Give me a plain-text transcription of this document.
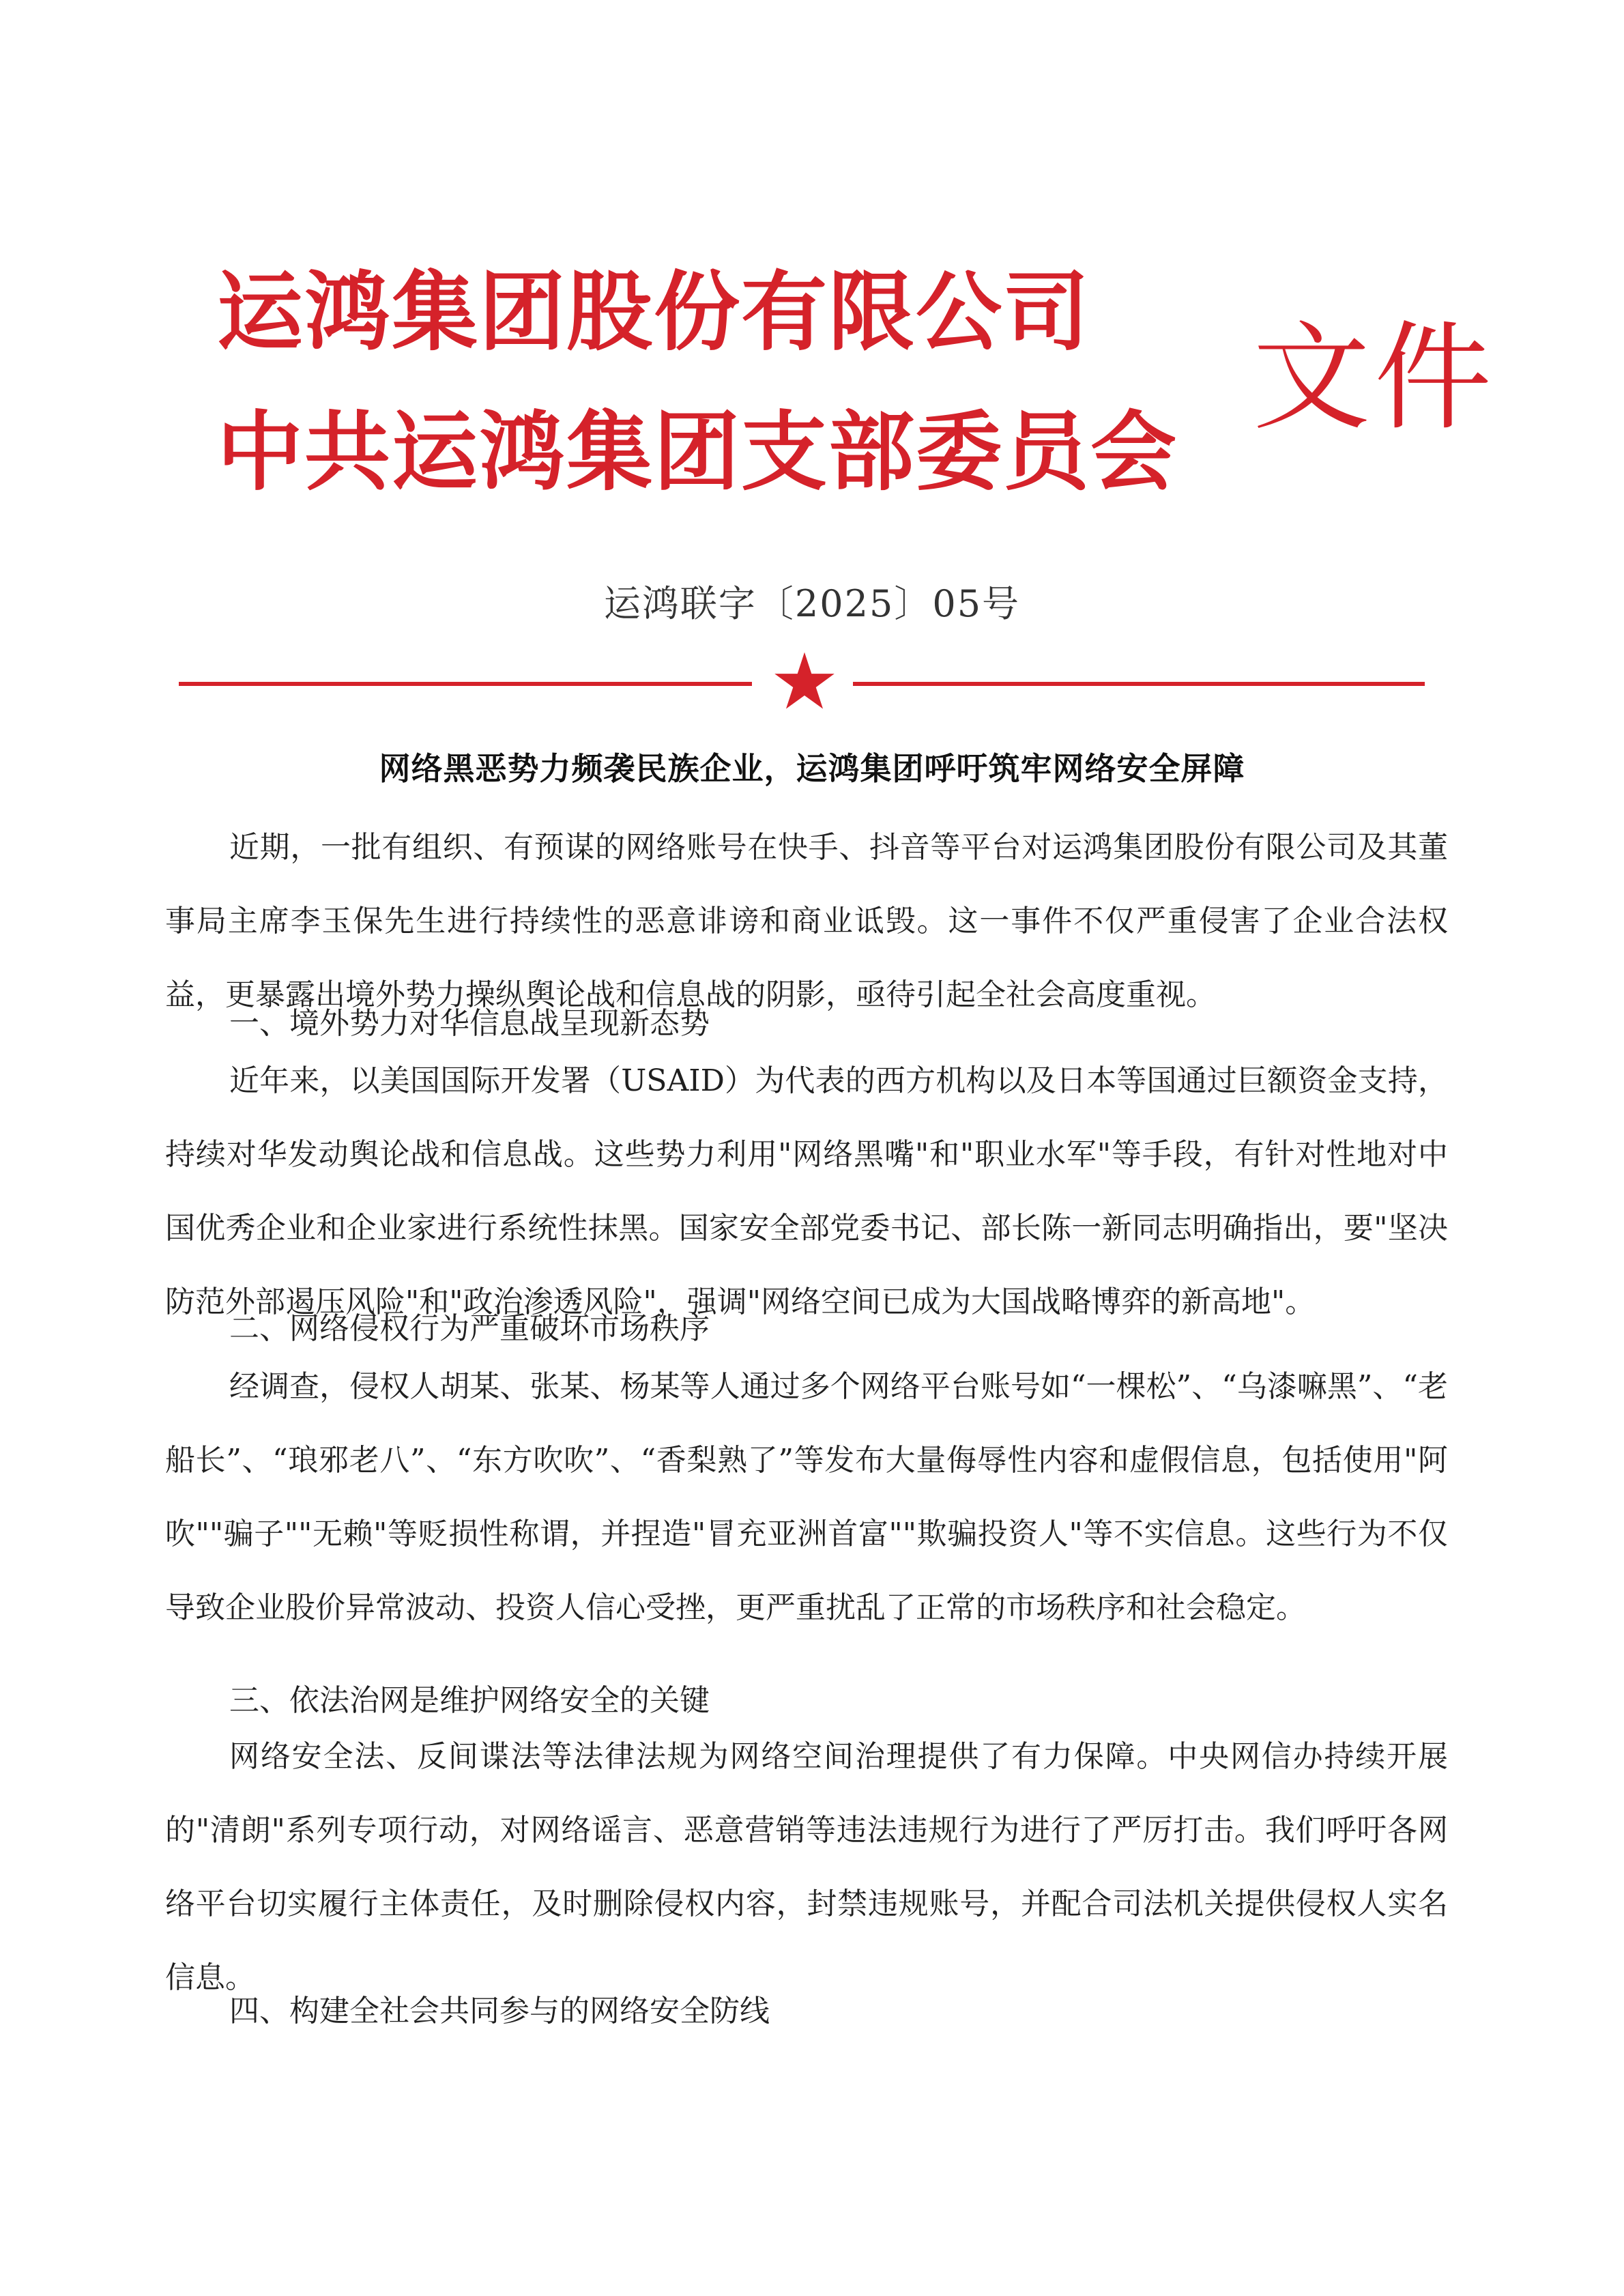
运鸿集团股份有限公司
中共运鸿集团支部委员会
文件
运鸿联字〔2025〕05号
网络黑恶势力频袭民族企业，运鸿集团呼吁筑牢网络安全屏障

近期，一批有组织、有预谋的网络账号在快手、抖音等平台对运鸿集团股份有限公司及其董事局主席李玉保先生进行持续性的恶意诽谤和商业诋毁。这一事件不仅严重侵害了企业合法权益，更暴露出境外势力操纵舆论战和信息战的阴影，亟待引起全社会高度重视。

一、境外势力对华信息战呈现新态势

近年来，以美国国际开发署（USAID）为代表的西方机构以及日本等国通过巨额资金支持，持续对华发动舆论战和信息战。这些势力利用"网络黑嘴"和"职业水军"等手段，有针对性地对中国优秀企业和企业家进行系统性抹黑。国家安全部党委书记、部长陈一新同志明确指出，要"坚决防范外部遏压风险"和"政治渗透风险"，强调"网络空间已成为大国战略博弈的新高地"。

二、网络侵权行为严重破坏市场秩序

经调查，侵权人胡某、张某、杨某等人通过多个网络平台账号如“一棵松”、“乌漆嘛黑”、“老船长”、“琅邪老八”、“东方吹吹”、“香梨熟了”等发布大量侮辱性内容和虚假信息，包括使用"阿吹""骗子""无赖"等贬损性称谓，并捏造"冒充亚洲首富""欺骗投资人"等不实信息。这些行为不仅导致企业股价异常波动、投资人信心受挫，更严重扰乱了正常的市场秩序和社会稳定。

三、依法治网是维护网络安全的关键

网络安全法、反间谍法等法律法规为网络空间治理提供了有力保障。中央网信办持续开展的"清朗"系列专项行动，对网络谣言、恶意营销等违法违规行为进行了严厉打击。我们呼吁各网络平台切实履行主体责任，及时删除侵权内容，封禁违规账号，并配合司法机关提供侵权人实名信息。

四、构建全社会共同参与的网络安全防线
